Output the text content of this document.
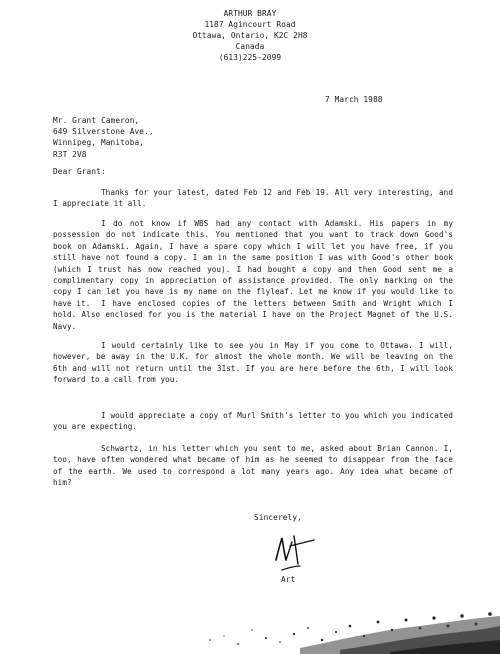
ARTHUR BRAY
1187 Agincourt Road
Ottawa, Ontario, K2C 2H8
Canada
(613)225-2099
7 March 1988
Mr. Grant Cameron,
649 Silverstone Ave.,
Winnipeg, Manitoba,
R3T 2V8
Dear Grant:
Thanks for your latest, dated Feb 12 and Feb 19. All very interesting, and I appreciate it all.
I do not know if WBS had any contact with Adamski. His papers in my possession do not indicate this. You mentioned that you want to track down Good's book on Adamski. Again, I have a spare copy which I will let you have free, if you still have not found a copy. I am in the same position I was with Good's other book (which I trust has now reached you). I had bought a copy and then Good sent me a complimentary copy in appreciation of assistance provided. The only marking on the copy I can let you have is my name on the flyleaf. Let me know if you would like to have it.	I have enclosed copies of the letters between Smith and Wright which I hold. Also enclosed for you is the material I have on the Project Magnet of the U.S. Navy.
I would certainly like to see you in May if you come to Ottawa. I will, however, be away in the U.K. for almost the whole month. We will be leaving on the 6th and will not return until the 31st. If you are here before the 6th, I will look forward to a call from you.
I would appreciate a copy of Murl Smith's letter to you which you indicated you are expecting.
Schwartz, in his letter which you sent to me, asked about Brian Cannon. I, too, have often wondered what became of him as he seemed to disappear from the face of the earth. We used to correspond a lot many years ago. Any idea what became of him?
Sincerely,
Art
